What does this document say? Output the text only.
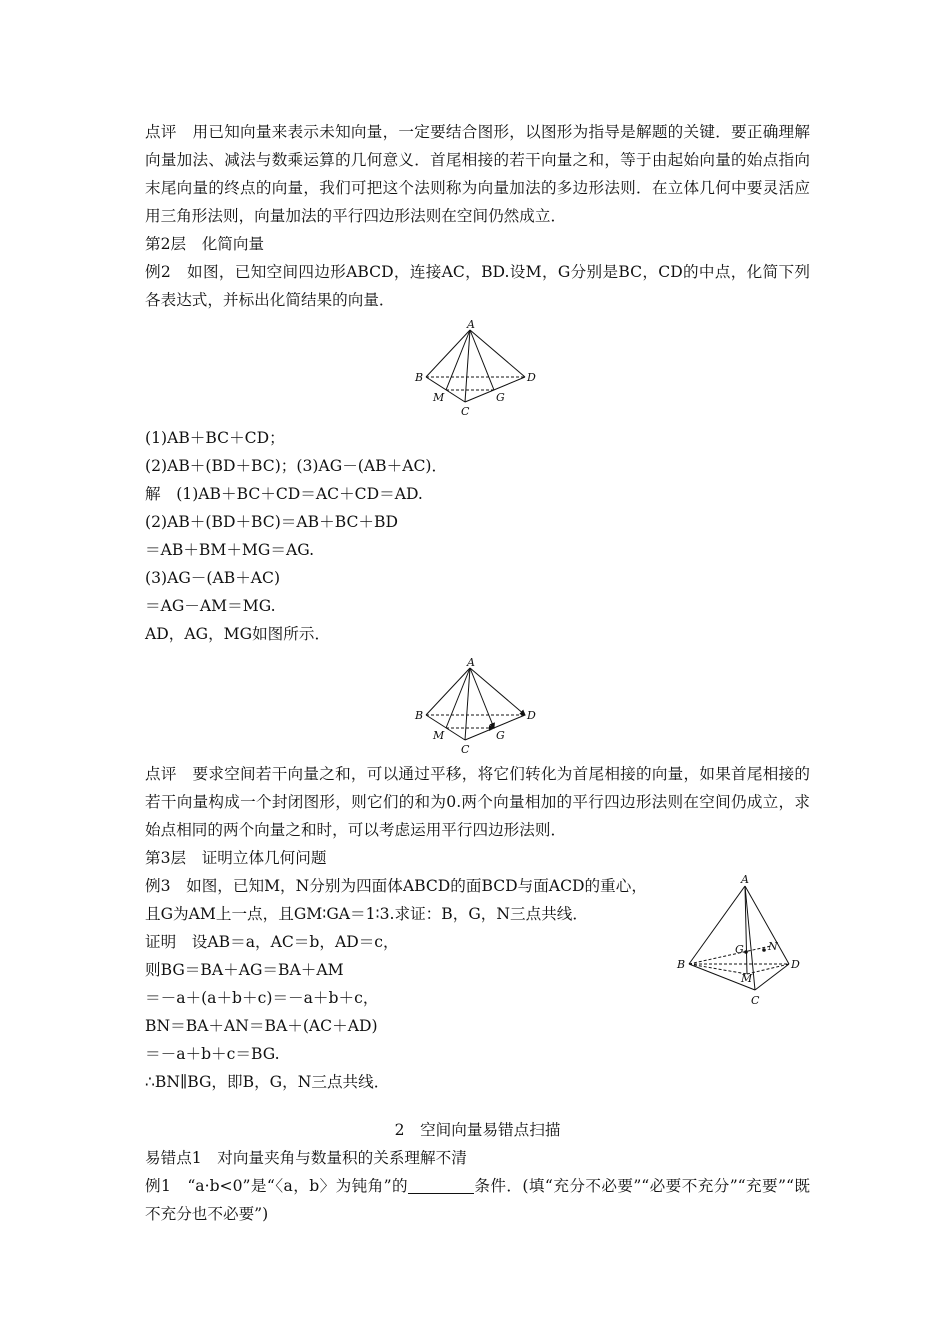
点评　用已知向量来表示未知向量，一定要结合图形，以图形为指导是解题的关键．要正确理解向量加法、减法与数乘运算的几何意义．首尾相接的若干向量之和，等于由起始向量的始点指向末尾向量的终点的向量，我们可把这个法则称为向量加法的多边形法则．在立体几何中要灵活应用三角形法则，向量加法的平行四边形法则在空间仍然成立．

第2层　化简向量

例2　如图，已知空间四边形ABCD，连接AC，BD.设M，G分别是BC，CD的中点，化简下列各表达式，并标出化简结果的向量．

A
B	D
M	G
C

(1)AB＋BC＋CD；

(2)AB＋(BD＋BC)；(3)AG－(AB＋AC)．

解　(1)AB＋BC＋CD＝AC＋CD＝AD.

(2)AB＋(BD＋BC)＝AB＋BC＋BD

＝AB＋BM＋MG＝AG.

(3)AG－(AB＋AC)

＝AG－AM＝MG.

AD，AG，MG如图所示．

A
B	D
M	G
C

点评　要求空间若干向量之和，可以通过平移，将它们转化为首尾相接的向量，如果首尾相接的若干向量构成一个封闭图形，则它们的和为0.两个向量相加的平行四边形法则在空间仍成立，求始点相同的两个向量之和时，可以考虑运用平行四边形法则．

第3层　证明立体几何问题

例3　如图，已知M，N分别为四面体ABCD的面BCD与面ACD的重心，

且G为AM上一点，且GM∶GA＝1∶3.求证：B，G，N三点共线．

证明　设AB＝a，AC＝b，AD＝c，

则BG＝BA＋AG＝BA＋AM

＝－a＋(a＋b＋c)＝－a＋b＋c，

BN＝BA＋AN＝BA＋(AC＋AD)

＝－a＋b＋c＝BG.

∴BN∥BG，即B，G，N三点共线．

A
G N
B	D
M
C

2　空间向量易错点扫描

易错点1　对向量夹角与数量积的关系理解不清

例1　“a·b<0”是“〈a，b〉为钝角”的	条件．(填“充分不必要”“必要不充分”“充要”“既不充分也不必要”)
